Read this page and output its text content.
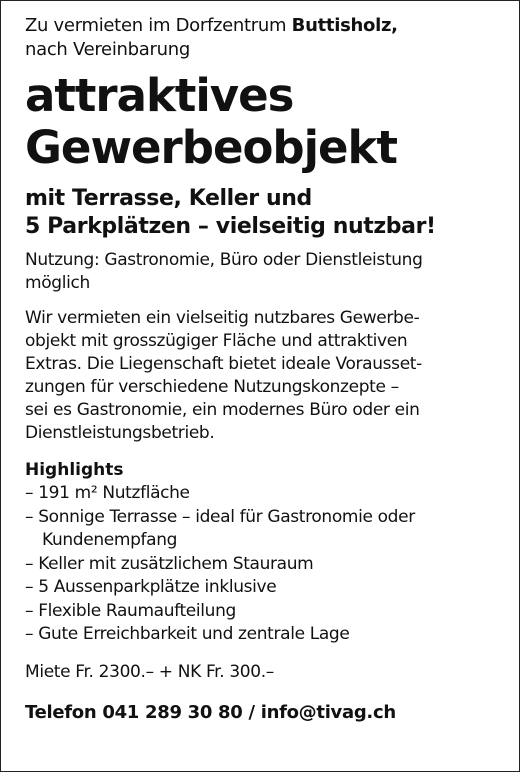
Zu vermieten im Dorfzentrum Buttisholz,
nach Vereinbarung
attraktives
Gewerbeobjekt
mit Terrasse, Keller und
5 Parkplätzen – vielseitig nutzbar!
Nutzung: Gastronomie, Büro oder Dienstleistung
möglich
Wir vermieten ein vielseitig nutzbares Gewerbe-
objekt mit grosszügiger Fläche und attraktiven
Extras. Die Liegenschaft bietet ideale Vorausset-
zungen für verschiedene Nutzungskonzepte –
sei es Gastronomie, ein modernes Büro oder ein
Dienstleistungsbetrieb.
Highlights
– 191 m² Nutzfläche
– Sonnige Terrasse – ideal für Gastronomie oder Kundenempfang
– Keller mit zusätzlichem Stauraum
– 5 Aussenparkplätze inklusive
– Flexible Raumaufteilung
– Gute Erreichbarkeit und zentrale Lage
Miete Fr. 2300.– + NK Fr. 300.–
Telefon 041 289 30 80 / info@tivag.ch
